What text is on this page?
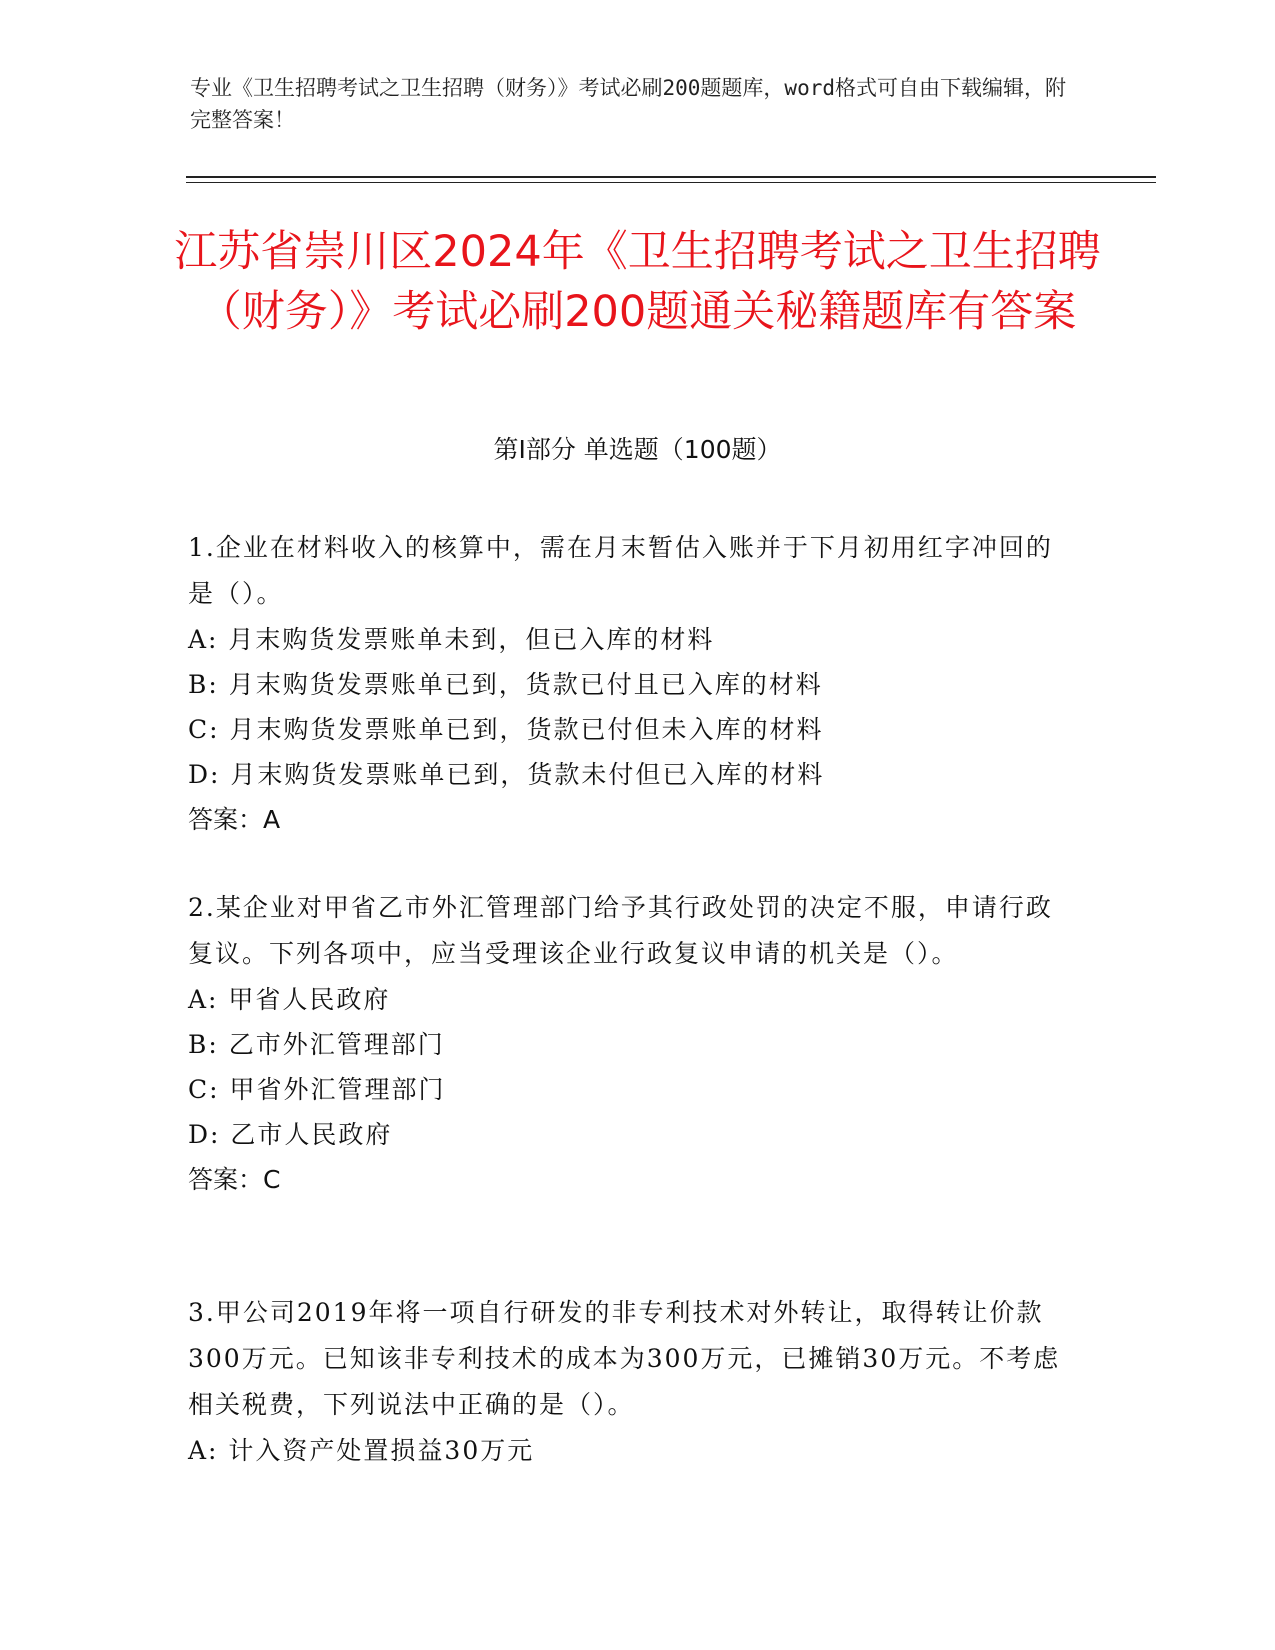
专业《卫生招聘考试之卫生招聘（财务）》考试必刷200题题库，word格式可自由下载编辑，附完整答案！
江苏省崇川区2024年《卫生招聘考试之卫生招聘（财务）》考试必刷200题通关秘籍题库有答案
第Ⅰ部分 单选题（100题）

1.企业在材料收入的核算中，需在月末暂估入账并于下月初用红字冲回的是（）。

A: 月末购货发票账单未到，但已入库的材料

B: 月末购货发票账单已到，货款已付且已入库的材料

C: 月末购货发票账单已到，货款已付但未入库的材料

D: 月末购货发票账单已到，货款未付但已入库的材料

答案：A

2.某企业对甲省乙市外汇管理部门给予其行政处罚的决定不服，申请行政复议。下列各项中，应当受理该企业行政复议申请的机关是（）。

A: 甲省人民政府

B: 乙市外汇管理部门

C: 甲省外汇管理部门

D: 乙市人民政府

答案：C

3.甲公司2019年将一项自行研发的非专利技术对外转让，取得转让价款300万元。已知该非专利技术的成本为300万元，已摊销30万元。不考虑相关税费，下列说法中正确的是（）。

A: 计入资产处置损益30万元
